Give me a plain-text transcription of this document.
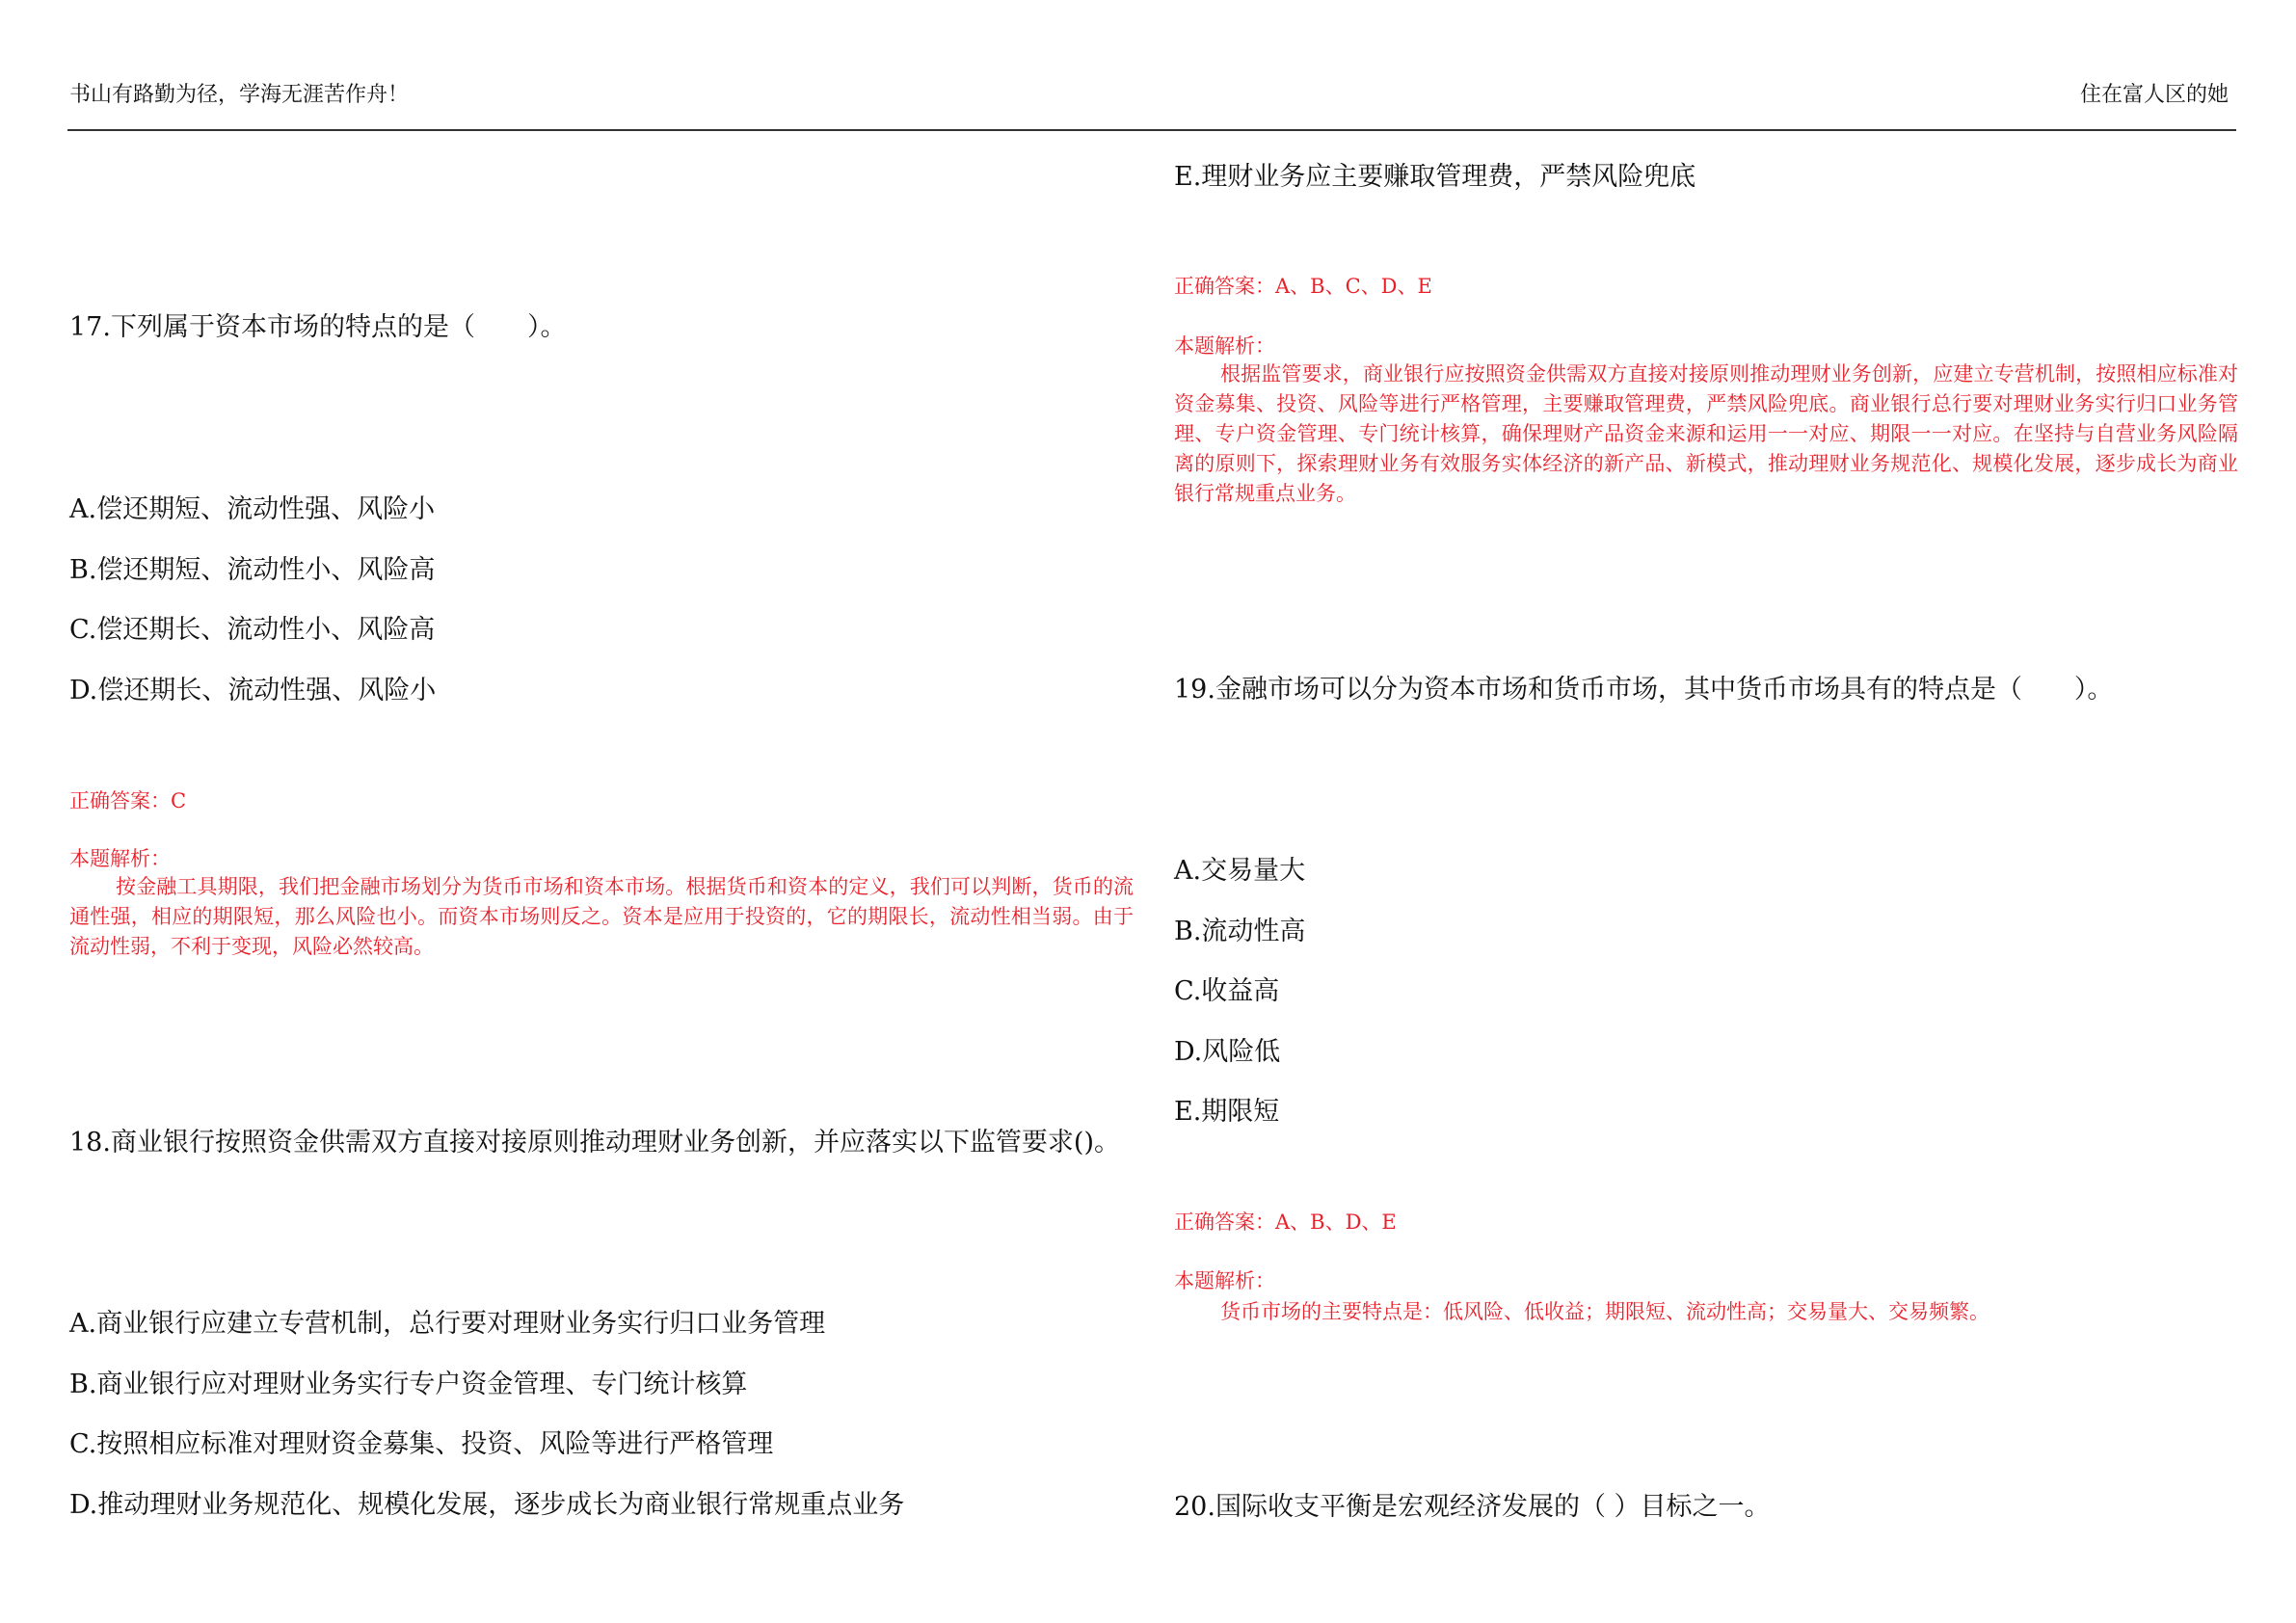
书山有路勤为径，学海无涯苦作舟！	住在富人区的她
17.下列属于资本市场的特点的是（　　）。
A.偿还期短、流动性强、风险小
B.偿还期短、流动性小、风险高
C.偿还期长、流动性小、风险高
D.偿还期长、流动性强、风险小
正确答案：C
本题解析：
按金融工具期限，我们把金融市场划分为货币市场和资本市场。根据货币和资本的定义，我们可以判断，货币的流通性强，相应的期限短，那么风险也小。而资本市场则反之。资本是应用于投资的，它的期限长，流动性相当弱。由于流动性弱，不利于变现，风险必然较高。
18.商业银行按照资金供需双方直接对接原则推动理财业务创新，并应落实以下监管要求()。
A.商业银行应建立专营机制，总行要对理财业务实行归口业务管理
B.商业银行应对理财业务实行专户资金管理、专门统计核算
C.按照相应标准对理财资金募集、投资、风险等进行严格管理
D.推动理财业务规范化、规模化发展，逐步成长为商业银行常规重点业务
E.理财业务应主要赚取管理费，严禁风险兜底
正确答案：A、B、C、D、E
本题解析：
根据监管要求，商业银行应按照资金供需双方直接对接原则推动理财业务创新，应建立专营机制，按照相应标准对资金募集、投资、风险等进行严格管理，主要赚取管理费，严禁风险兜底。商业银行总行要对理财业务实行归口业务管理、专户资金管理、专门统计核算，确保理财产品资金来源和运用一一对应、期限一一对应。在坚持与自营业务风险隔离的原则下，探索理财业务有效服务实体经济的新产品、新模式，推动理财业务规范化、规模化发展，逐步成长为商业银行常规重点业务。
19.金融市场可以分为资本市场和货币市场，其中货币市场具有的特点是（　　）。
A.交易量大
B.流动性高
C.收益高
D.风险低
E.期限短
正确答案：A、B、D、E
本题解析：
货币市场的主要特点是：低风险、低收益；期限短、流动性高；交易量大、交易频繁。
20.国际收支平衡是宏观经济发展的（ ）目标之一。
